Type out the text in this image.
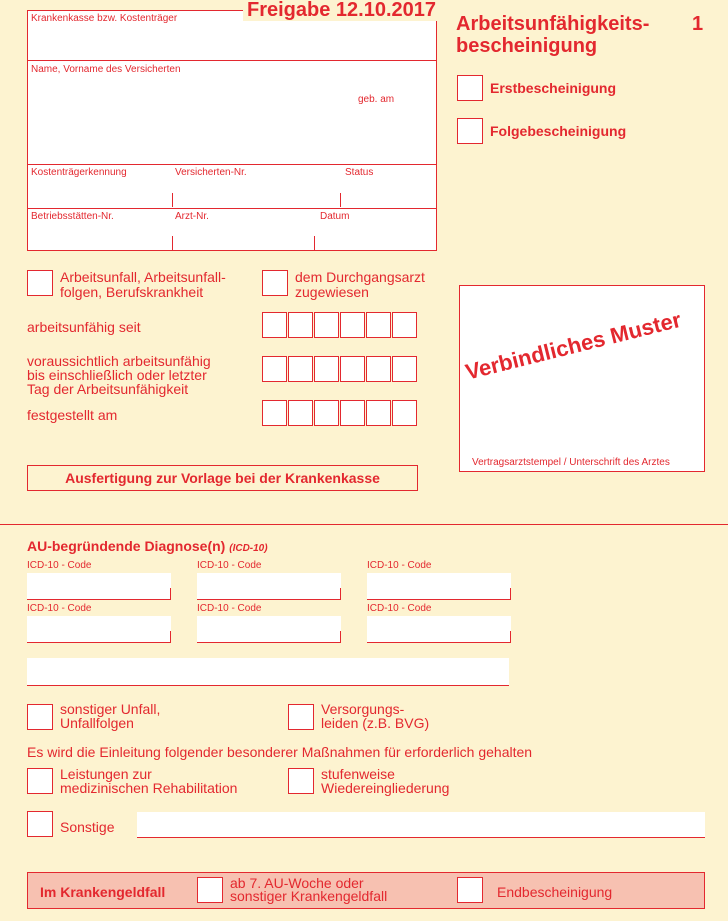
Krankenkasse bzw. Kostenträger
Name, Vorname des Versicherten
geb. am
Kostenträgerkennung	Versicherten-Nr.	Status
Betriebsstätten-Nr.	Arzt-Nr.	Datum
Freigabe 12.10.2017
Arbeitsunfähigkeits-
bescheinigung
1
Erstbescheinigung
Folgebescheinigung
Arbeitsunfall, Arbeitsunfall-
folgen, Berufskrankheit
dem Durchgangsarzt
zugewiesen
arbeitsunfähig seit
voraussichtlich arbeitsunfähig
bis einschließlich oder letzter
Tag der Arbeitsunfähigkeit
festgestellt am
Ausfertigung zur Vorlage bei der Krankenkasse
Verbindliches Muster
Vertragsarztstempel / Unterschrift des Arztes
AU-begründende Diagnose(n) (ICD-10)
ICD-10 - Code	ICD-10 - Code	ICD-10 - Code
ICD-10 - Code	ICD-10 - Code	ICD-10 - Code
sonstiger Unfall,
Unfallfolgen
Versorgungs-
leiden (z.B. BVG)
Es wird die Einleitung folgender besonderer Maßnahmen für erforderlich gehalten
Leistungen zur
medizinischen Rehabilitation
stufenweise
Wiedereingliederung
Sonstige
Im Krankengeldfall
ab 7. AU-Woche oder
sonstiger Krankengeldfall	Endbescheinigung
